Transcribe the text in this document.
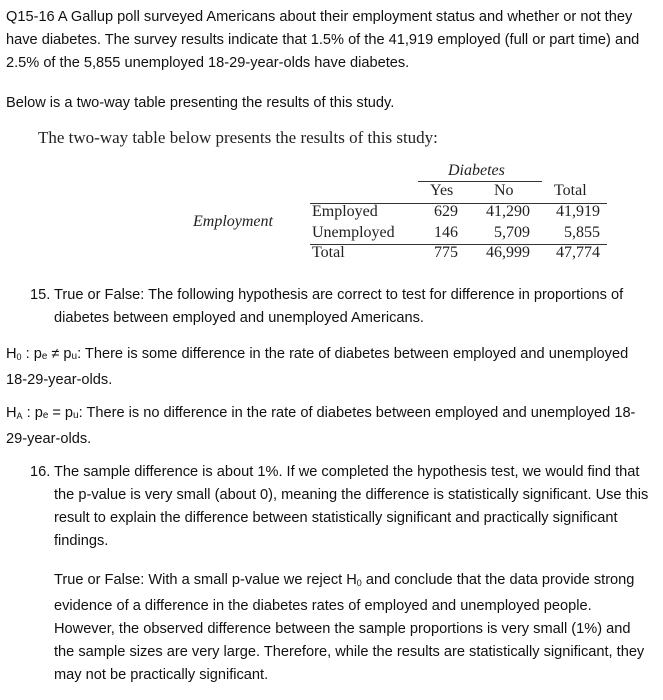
Q15-16 A Gallup poll surveyed Americans about their employment status and whether or not they have diabetes. The survey results indicate that 1.5% of the 41,919 employed (full or part time) and 2.5% of the 5,855 unemployed 18-29-year-olds have diabetes.

Below is a two-way table presenting the results of this study.

The two-way table below presents the results of this study:

Diabetes
Yes	No	Total
Employment
Employed	629	41,290	41,919
Unemployed	146	5,709	5,855
Total	775	46,999	47,774
15. True or False: The following hypothesis are correct to test for difference in proportions of diabetes between employed and unemployed Americans.

$H_0$ : pₑ ≠ pᵤ: There is some difference in the rate of diabetes between employed and unemployed 18-29-year-olds.

$H_A$ : pₑ = pᵤ: There is no difference in the rate of diabetes between employed and unemployed 18-29-year-olds.

16. The sample difference is about 1%. If we completed the hypothesis test, we would find that the p-value is very small (about 0), meaning the difference is statistically significant. Use this result to explain the difference between statistically significant and practically significant findings.

True or False: With a small p-value we reject $H_0$ and conclude that the data provide strong evidence of a difference in the diabetes rates of employed and unemployed people. However, the observed difference between the sample proportions is very small (1%) and the sample sizes are very large. Therefore, while the results are statistically significant, they may not be practically significant.
